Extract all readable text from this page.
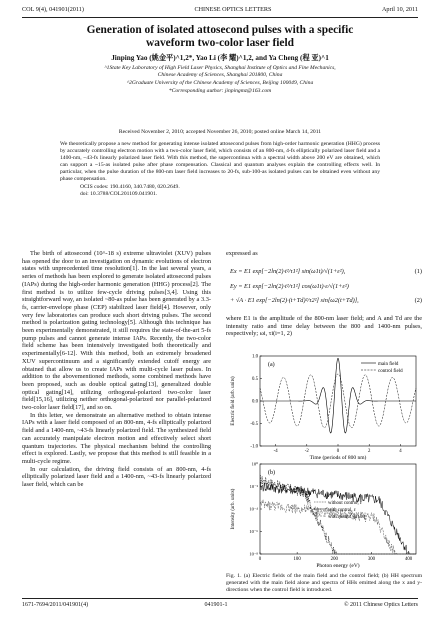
COL 9(4), 041901(2011)	CHINESE OPTICS LETTERS	April 10, 2011
Generation of isolated attosecond pulses with a specific
waveform two-color laser field
Jinping Yao (姚金平)^1,2*, Yao Li (李 耀)^1,2, and Ya Cheng (程 亚)^1
^1State Key Laboratory of High Field Laser Physics, Shanghai Institute of Optics and Fine Mechanics,
Chinese Academy of Sciences, Shanghai 201800, China
^2Graduate University of the Chinese Academy of Sciences, Beijing 100049, China
*Corresponding author: jinpingmz@163.com
Received November 2, 2010; accepted November 26, 2010; posted online March 14, 2011
We theoretically propose a new method for generating intense isolated attosecond pulses from high-order harmonic generation (HHG) process by accurately controlling electron motion with a two-color laser field, which consists of an 800-nm, 4-fs elliptically polarized laser field and a 1400-nm, ~43-fs linearly polarized laser field. With this method, the supercontinua with a spectral width above 200 eV are obtained, which can support a ~15-as isolated pulse after phase compensation. Classical and quantum analyses explain the controlling effects well. In particular, when the pulse duration of the 800-nm laser field increases to 20-fs, sub-100-as isolated pulses can be obtained even without any phase compensation.
OCIS codes: 190.4160, 340.7480, 020.2649.
doi: 10.3788/COL201109.041901.

The birth of attosecond (10^-18 s) extreme ultraviolet (XUV) pulses has opened the door to an investigation on dynamic evolutions of electron states with unprecedented time resolution[1]. In the last several years, a series of methods has been explored to generate isolated attosecond pulses (IAPs) during the high-order harmonic generation (HHG) process[2]. The first method is to utilize few-cycle driving pulses[3,4]. Using this straightforward way, an isolated ~80-as pulse has been generated by a 3.3-fs, carrier-envelope phase (CEP) stabilized laser field[4]. However, only very few laboratories can produce such short driving pulses. The second method is polarization gating technology[5]. Although this technique has been experimentally demonstrated, it still requires the state-of-the-art 5-fs pump pulses and cannot generate intense IAPs. Recently, the two-color field scheme has been intensively investigated both theoretically and experimentally[6-12]. With this method, both an extremely broadened XUV supercontinuum and a significantly extended cutoff energy are obtained that allow us to create IAPs with multi-cycle laser pulses. In addition to the abovementioned methods, some combined methods have been proposed, such as double optical gating[13], generalized double optical gating[14], utilizing orthogonal-polarized two-color laser field[15,16], utilizing neither orthogonal-polarized nor parallel-polarized two-color laser field[17], and so on.

In this letter, we demonstrate an alternative method to obtain intense IAPs with a laser field composed of an 800-nm, 4-fs elliptically polarized field and a 1400-nm, ~43-fs linearly polarized field. The synthesized field can accurately manipulate electron motion and effectively select short quantum trajectories. The physical mechanism behind the controlling effect is explored. Lastly, we propose that this method is still feasible in a multi-cycle regime.

In our calculation, the driving field consists of an 800-nm, 4-fs elliptically polarized laser field and a 1400-nm, ~43-fs linearly polarized laser field, which can be

expressed as
Ex = E1 exp[−2ln(2)·t²/τ1²] sin(ω1t)/√(1+ε²),	(1)
Ey = E1 exp[−2ln(2)·t²/τ1²] cos(ω1t)·ε/√(1+ε²)
+ √A · E1 exp[−2ln(2)·(t+Td)²/τ2²] sin[ω2(t+Td)],	(2)
where E1 is the amplitude of the 800-nm laser field; and A and Td are the intensity ratio and time delay between the 800 and 1400-nm pulses, respectively; ωi, τi(i=1, 2)
-1.0
-0.5
0.0
0.5
1.0
-4	-2	0	2	4
(a)	main field
control field
Electric field (arb. units)
Time (periods of 800 nm)
10⁰
10⁻²
10⁻⁴
10⁻⁶
10⁻⁸
0	100	200	300	400
(b)
without control, ε
with control, ε
with control, y/100
Intensity (arb. units)
Photon energy (eV)
Fig. 1. (a) Electric fields of the main field and the control field; (b) HH spectrum generated with the main field alone and spectra of HHs emitted along the x and y-directions when the control field is introduced.
1671-7694/2011/041901(4)	041901-1	© 2011 Chinese Optics Letters
